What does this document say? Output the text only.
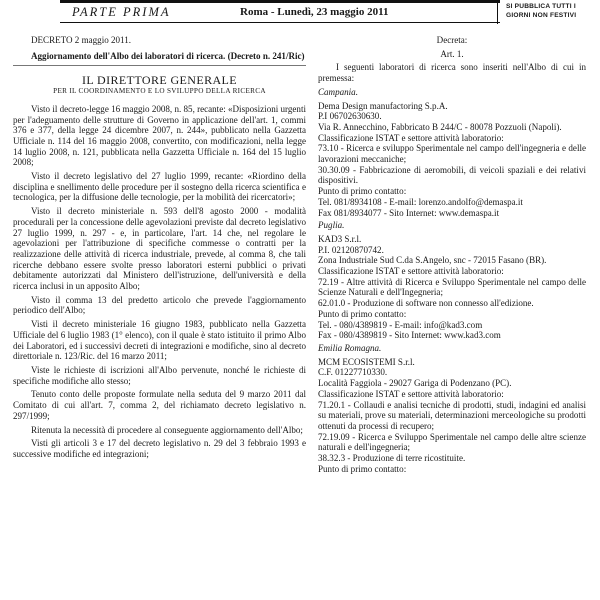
PARTE PRIMA	Roma - Lunedì, 23 maggio 2011	SI PUBBLICA TUTTI I
GIORNI NON FESTIVI

DECRETO 2 maggio 2011.

Aggiornamento dell'Albo dei laboratori di ricerca. (Decreto n. 241/Ric)

IL DIRETTORE GENERALE

PER IL COORDINAMENTO E LO SVILUPPO DELLA RICERCA

Visto il decreto-legge 16 maggio 2008, n. 85, recante: «Disposizioni urgenti per l'adeguamento delle strutture di Governo in applicazione dell'art. 1, commi 376 e 377, della legge 24 dicembre 2007, n. 244», pubblicato nella Gazzetta Ufficiale n. 114 del 16 maggio 2008, convertito, con modificazioni, nella legge 14 luglio 2008, n. 121, pubblicata nella Gazzetta Ufficiale n. 164 del 15 luglio 2008;

Visto il decreto legislativo del 27 luglio 1999, recante: «Riordino della disciplina e snellimento delle procedure per il sostegno della ricerca scientifica e tecnologica, per la diffusione delle tecnologie, per la mobilità dei ricercatori»;

Visto il decreto ministeriale n. 593 dell'8 agosto 2000 - modalità procedurali per la concessione delle agevolazioni previste dal decreto legislativo 27 luglio 1999, n. 297 - e, in particolare, l'art. 14 che, nel regolare le agevolazioni per l'attribuzione di specifiche commesse o contratti per la realizzazione delle attività di ricerca industriale, prevede, al comma 8, che tali ricerche debbano essere svolte presso laboratori esterni pubblici o privati debitamente autorizzati dal Ministero dell'istruzione, dell'università e della ricerca inclusi in un apposito Albo;

Visto il comma 13 del predetto articolo che prevede l'aggiornamento periodico dell'Albo;

Visti il decreto ministeriale 16 giugno 1983, pubblicato nella Gazzetta Ufficiale del 6 luglio 1983 (1° elenco), con il quale è stato istituito il primo Albo dei Laboratori, ed i successivi decreti di integrazioni e modifiche, sino al decreto direttoriale n. 123/Ric. del 16 marzo 2011;

Viste le richieste di iscrizioni all'Albo pervenute, nonché le richieste di specifiche modifiche allo stesso;

Tenuto conto delle proposte formulate nella seduta del 9 marzo 2011 dal Comitato di cui all'art. 7, comma 2, del richiamato decreto legislativo n. 297/1999;

Ritenuta la necessità di procedere al conseguente aggiornamento dell'Albo;

Visti gli articoli 3 e 17 del decreto legislativo n. 29 del 3 febbraio 1993 e successive modifiche ed integrazioni;

Decreta:

Art. 1.

I seguenti laboratori di ricerca sono inseriti nell'Albo di cui in premessa:

Campania.

Dema Design manufactoring S.p.A.

P.I 06702630630.

Via R. Annecchino, Fabbricato B 244/C - 80078 Pozzuoli (Napoli).

Classificazione ISTAT e settore attività laboratorio:

73.10 - Ricerca e sviluppo Sperimentale nel campo dell'ingegneria e delle lavorazioni meccaniche;

30.30.09 - Fabbricazione di aeromobili, di veicoli spaziali e dei relativi dispositivi.

Punto di primo contatto:

Tel. 081/8934108 - E-mail: lorenzo.andolfo@demaspa.it

Fax 081/8934077 - Sito Internet: www.demaspa.it

Puglia.

KAD3 S.r.l.

P.I. 02120870742.

Zona Industriale Sud C.da S.Angelo, snc - 72015 Fasano (BR).

Classificazione ISTAT e settore attività laboratorio:

72.19 - Altre attività di Ricerca e Sviluppo Sperimentale nel campo delle Scienze Naturali e dell'Ingegneria;

62.01.0 - Produzione di software non connesso all'edizione.

Punto di primo contatto:

Tel. - 080/4389819 - E-mail: info@kad3.com

Fax - 080/4389819 - Sito Internet: www.kad3.com

Emilia Romagna.

MCM ECOSISTEMI S.r.l.

C.F. 01227710330.

Località Faggiola - 29027 Gariga di Podenzano (PC).

Classificazione ISTAT e settore attività laboratorio:

71.20.1 - Collaudi e analisi tecniche di prodotti, studi, indagini ed analisi su materiali, prove su materiali, determinazioni merceologiche su prodotti ottenuti da processi di recupero;

72.19.09 - Ricerca e Sviluppo Sperimentale nel campo delle altre scienze naturali e dell'ingegneria;

38.32.3 - Produzione di terre ricostituite.

Punto di primo contatto:
